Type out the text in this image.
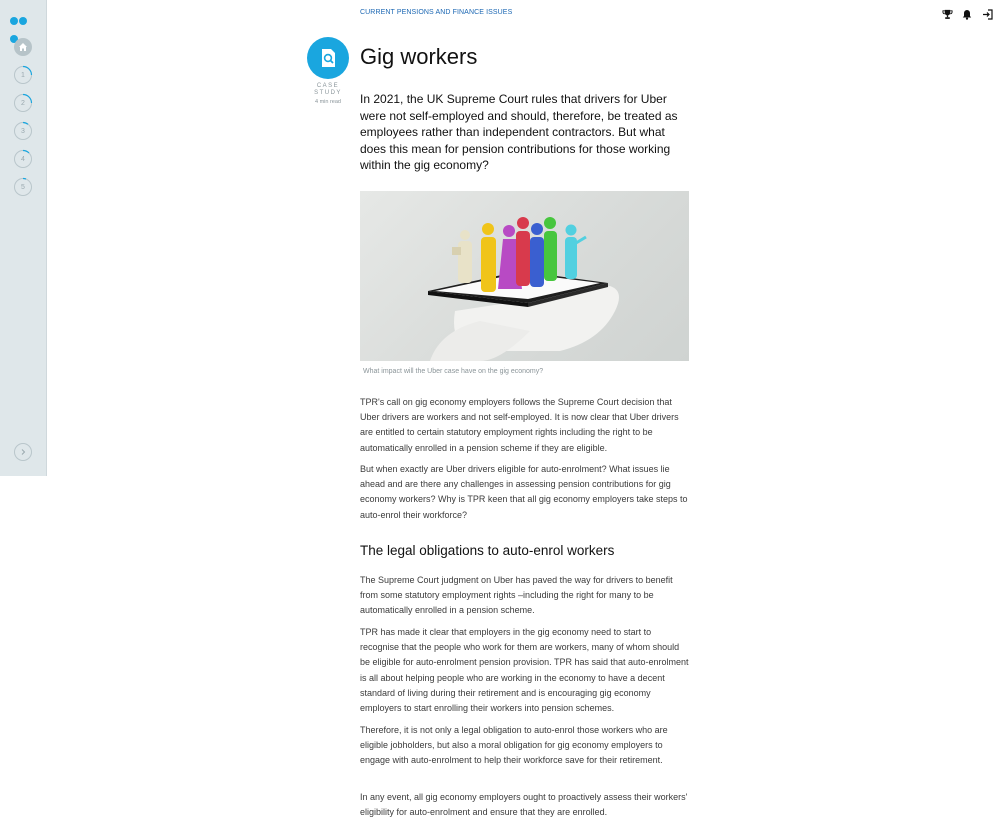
1
2
3
4
5
CURRENT PENSIONS AND FINANCE ISSUES
CASE STUDY
4 min read
Gig workers

In 2021, the UK Supreme Court rules that drivers for Uber were not self-employed and should, therefore, be treated as employees rather than independent contractors. But what does this mean for pension contributions for those working within the gig economy?

What impact will the Uber case have on the gig economy?

TPR's call on gig economy employers follows the Supreme Court decision that Uber drivers are workers and not self-employed. It is now clear that Uber drivers are entitled to certain statutory employment rights including the right to be automatically enrolled in a pension scheme if they are eligible.

But when exactly are Uber drivers eligible for auto-enrolment? What issues lie ahead and are there any challenges in assessing pension contributions for gig economy workers? Why is TPR keen that all gig economy employers take steps to auto-enrol their workforce?

The legal obligations to auto-enrol workers

The Supreme Court judgment on Uber has paved the way for drivers to benefit from some statutory employment rights –including the right for many to be automatically enrolled in a pension scheme.

TPR has made it clear that employers in the gig economy need to start to recognise that the people who work for them are workers, many of whom should be eligible for auto-enrolment pension provision. TPR has said that auto-enrolment is all about helping people who are working in the economy to have a decent standard of living during their retirement and is encouraging gig economy employers to start enrolling their workers into pension schemes.

Therefore, it is not only a legal obligation to auto-enrol those workers who are eligible jobholders, but also a moral obligation for gig economy employers to engage with auto-enrolment to help their workforce save for their retirement.

In any event, all gig economy employers ought to proactively assess their workers' eligibility for auto-enrolment and ensure that they are enrolled.
